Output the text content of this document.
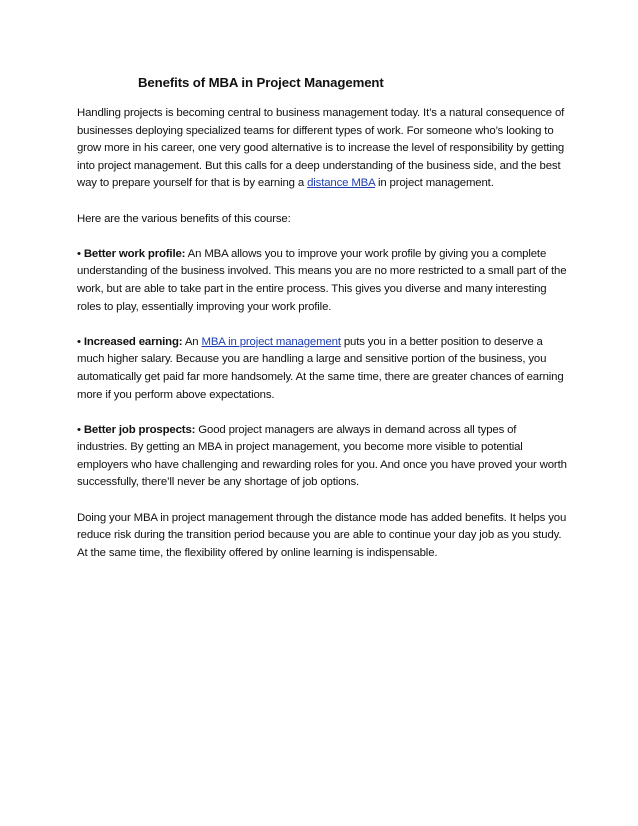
Benefits of MBA in Project Management

Handling projects is becoming central to business management today. It’s a natural consequence of businesses deploying specialized teams for different types of work. For someone who’s looking to grow more in his career, one very good alternative is to increase the level of responsibility by getting into project management. But this calls for a deep understanding of the business side, and the best way to prepare yourself for that is by earning a distance MBA in project management.

Here are the various benefits of this course:

• Better work profile: An MBA allows you to improve your work profile by giving you a complete understanding of the business involved. This means you are no more restricted to a small part of the work, but are able to take part in the entire process. This gives you diverse and many interesting roles to play, essentially improving your work profile.

• Increased earning: An MBA in project management puts you in a better position to deserve a much higher salary. Because you are handling a large and sensitive portion of the business, you automatically get paid far more handsomely. At the same time, there are greater chances of earning more if you perform above expectations.

• Better job prospects: Good project managers are always in demand across all types of industries. By getting an MBA in project management, you become more visible to potential employers who have challenging and rewarding roles for you. And once you have proved your worth successfully, there’ll never be any shortage of job options.

Doing your MBA in project management through the distance mode has added benefits. It helps you reduce risk during the transition period because you are able to continue your day job as you study. At the same time, the flexibility offered by online learning is indispensable.
